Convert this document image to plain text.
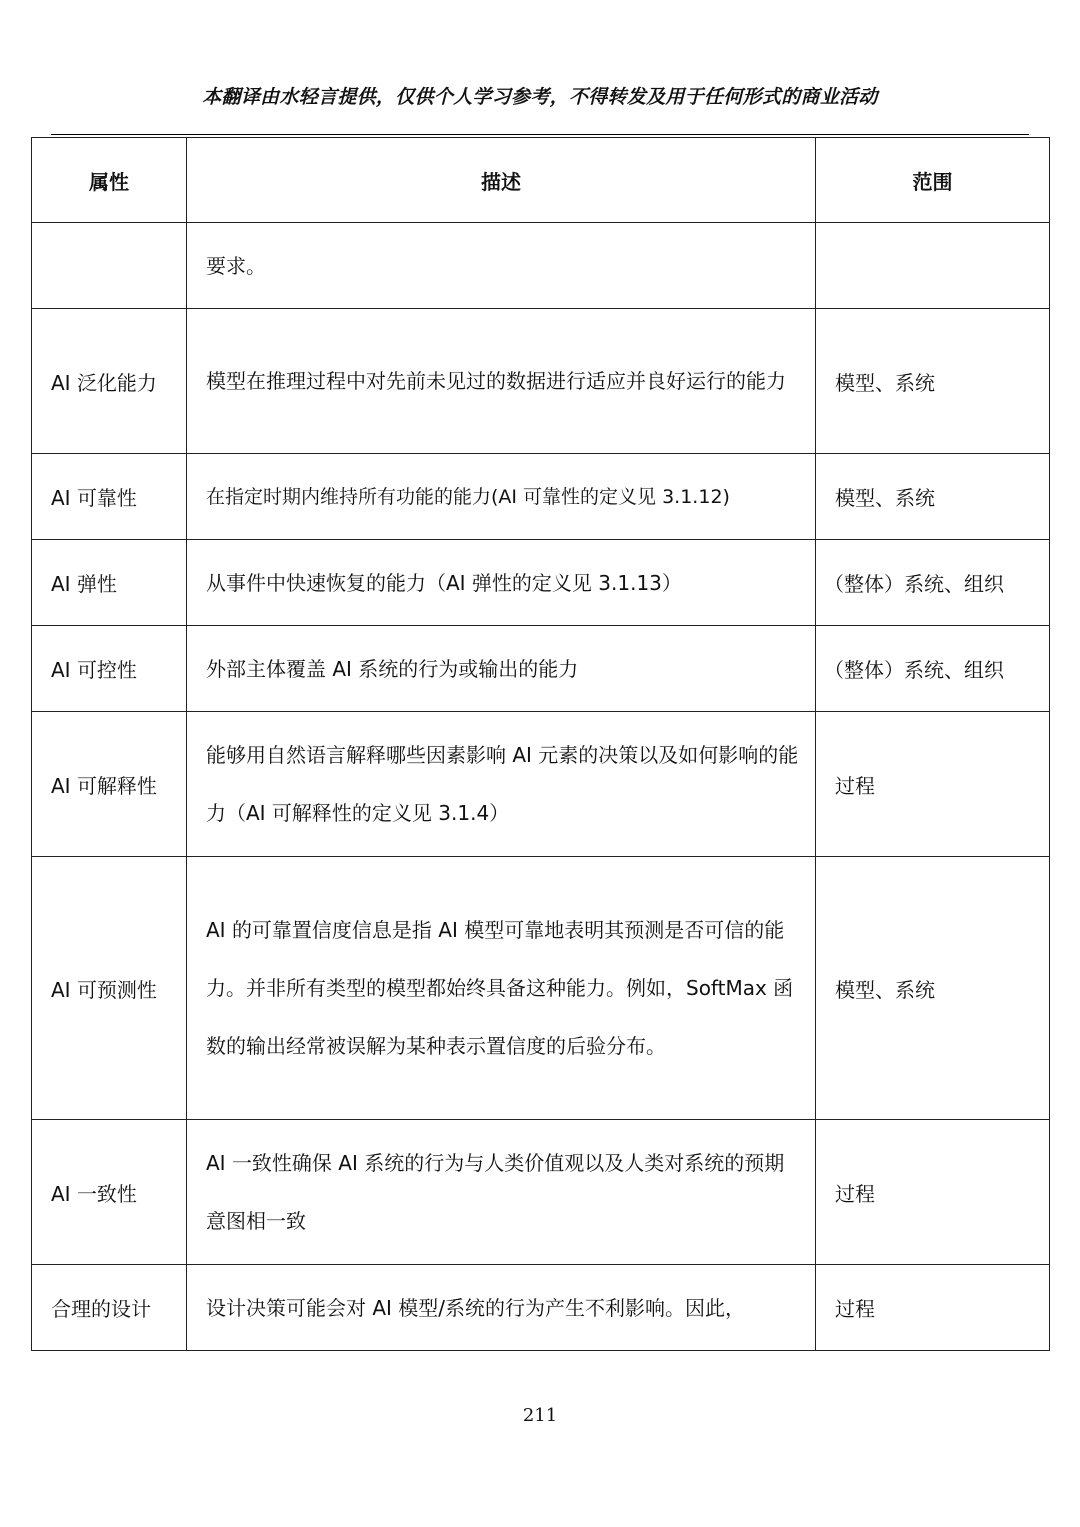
本翻译由水轻言提供，仅供个人学习参考，不得转发及用于任何形式的商业活动
属性	描述	范围
	要求。	
AI 泛化能力	模型在推理过程中对先前未见过的数据进行适应并良好运行的能力	模型、系统
AI 可靠性	在指定时期内维持所有功能的能力(AI 可靠性的定义见 3.1.12)	模型、系统
AI 弹性	从事件中快速恢复的能力（AI 弹性的定义见 3.1.13）	（整体）系统、组织
AI 可控性	外部主体覆盖 AI 系统的行为或输出的能力	（整体）系统、组织
AI 可解释性	能够用自然语言解释哪些因素影响 AI 元素的决策以及如何影响的能力（AI 可解释性的定义见 3.1.4）	过程
AI 可预测性	AI 的可靠置信度信息是指 AI 模型可靠地表明其预测是否可信的能力。并非所有类型的模型都始终具备这种能力。例如，SoftMax 函数的输出经常被误解为某种表示置信度的后验分布。	模型、系统
AI 一致性	AI 一致性确保 AI 系统的行为与人类价值观以及人类对系统的预期意图相一致	过程
合理的设计	设计决策可能会对 AI 模型/系统的行为产生不利影响。因此，	过程
211
